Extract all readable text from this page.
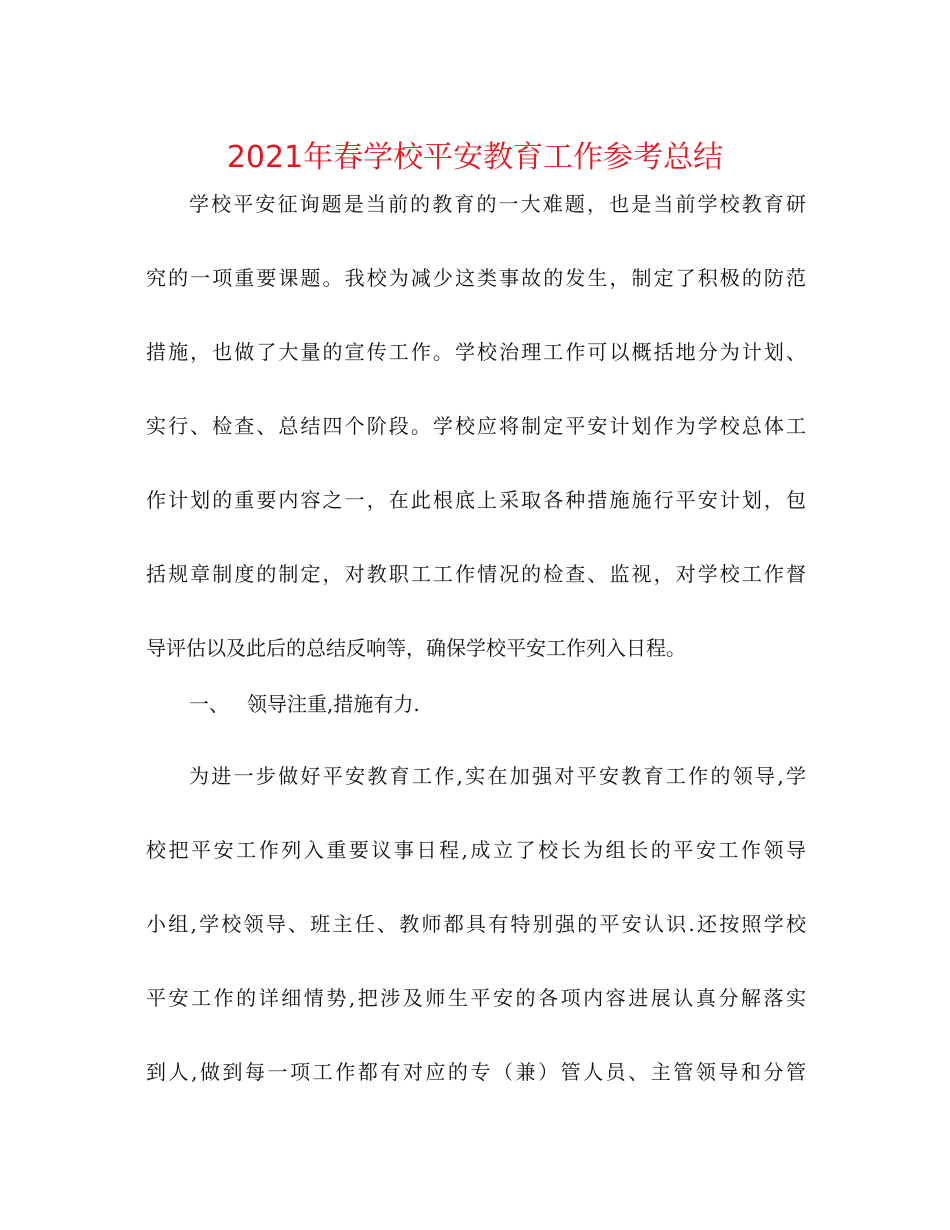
2021年春学校平安教育工作参考总结
学校平安征询题是当前的教育的一大难题，也是当前学校教育研
究的一项重要课题。我校为减少这类事故的发生，制定了积极的防范
措施，也做了大量的宣传工作。学校治理工作可以概括地分为计划、
实行、检查、总结四个阶段。学校应将制定平安计划作为学校总体工
作计划的重要内容之一，在此根底上采取各种措施施行平安计划，包
括规章制度的制定，对教职工工作情况的检查、监视，对学校工作督
导评估以及此后的总结反响等，确保学校平安工作列入日程。
一、 领导注重,措施有力.
为进一步做好平安教育工作,实在加强对平安教育工作的领导,学
校把平安工作列入重要议事日程,成立了校长为组长的平安工作领导
小组,学校领导、班主任、教师都具有特别强的平安认识.还按照学校
平安工作的详细情势,把涉及师生平安的各项内容进展认真分解落实
到人,做到每一项工作都有对应的专（兼）管人员、主管领导和分管
